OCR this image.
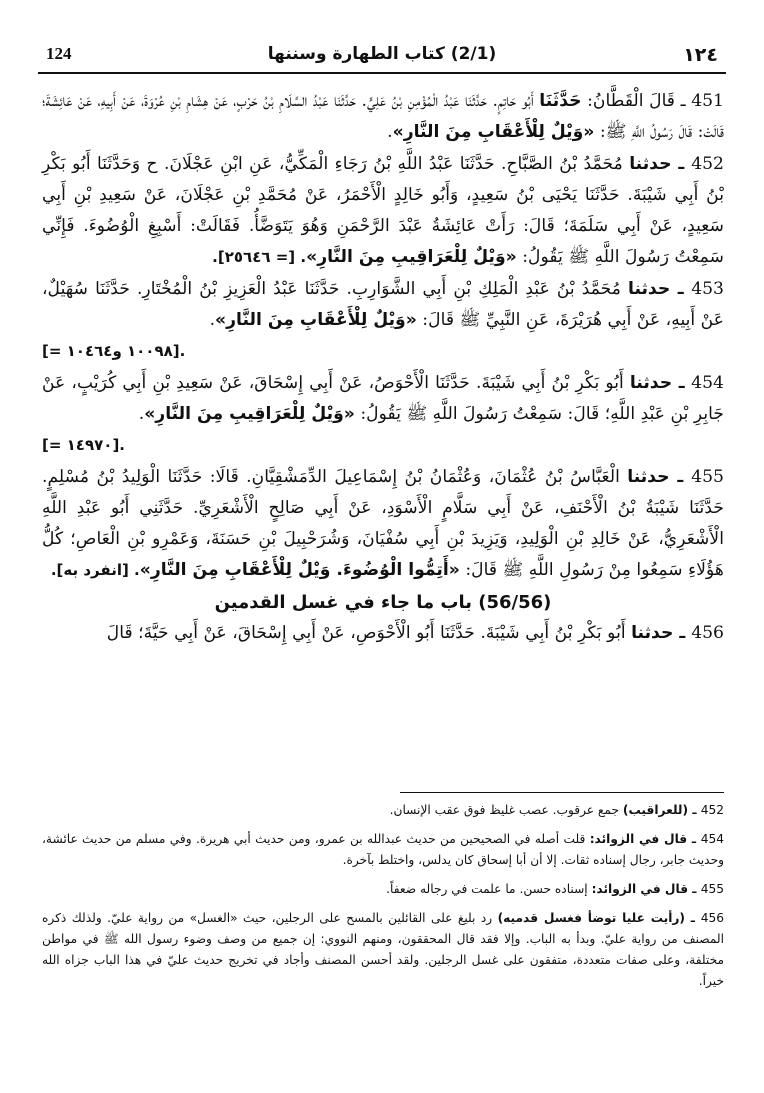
124	(2/1) كتاب الطهارة وسننها	١٢٤

451 ـ قَالَ الْقَطَّانُ: حَدَّثَنَا أَبُو حَاتِمٍ. حَدَّثَنَا عَبْدُ الْمُؤْمِنِ بْنُ عَلِيٍّ. حَدَّثَنَا عَبْدُ السَّلَامِ بْنُ حَرْبٍ، عَنْ هِشَامِ بْنِ عُرْوَةَ، عَنْ أَبِيهِ، عَنْ عَائِشَةَ؛ قَالَتْ: قَالَ رَسُولُ اللَّهِ ﷺ: «وَيْلٌ لِلْأَعْقَابِ مِنَ النَّارِ».

452 ـ حدثنا مُحَمَّدُ بْنُ الصَّبَّاحِ. حَدَّثَنَا عَبْدُ اللَّهِ بْنُ رَجَاءِ الْمَكِّيُّ، عَنِ ابْنِ عَجْلَانَ. ح وَحَدَّثَنَا أَبُو بَكْرِ بْنُ أَبِي شَيْبَةَ. حَدَّثَنَا يَحْيَى بْنُ سَعِيدٍ، وَأَبُو خَالِدٍ الْأَحْمَرُ، عَنْ مُحَمَّدِ بْنِ عَجْلَانَ، عَنْ سَعِيدِ بْنِ أَبِي سَعِيدٍ، عَنْ أَبِي سَلَمَةَ؛ قَالَ: رَأَتْ عَائِشَةُ عَبْدَ الرَّحْمَنِ وَهُوَ يَتَوَضَّأُ. فَقَالَتْ: أَسْبِغِ الْوُضُوءَ. فَإِنِّي سَمِعْتُ رَسُولَ اللَّهِ ﷺ يَقُولُ: «وَيْلٌ لِلْعَرَاقِيبِ مِنَ النَّارِ». [= ٢٥٦٤٦].

453 ـ حدثنا مُحَمَّدُ بْنُ عَبْدِ الْمَلِكِ بْنِ أَبِي الشَّوَارِبِ. حَدَّثَنَا عَبْدُ الْعَزِيزِ بْنُ الْمُخْتَارِ. حَدَّثَنَا سُهَيْلٌ، عَنْ أَبِيهِ، عَنْ أَبِي هُرَيْرَةَ، عَنِ النَّبِيِّ ﷺ قَالَ: «وَيْلٌ لِلْأَعْقَابِ مِنَ النَّارِ».

[= ١٠٠٩٨ و١٠٤٦٤].

454 ـ حدثنا أَبُو بَكْرِ بْنُ أَبِي شَيْبَةَ. حَدَّثَنَا الْأَحْوَصُ، عَنْ أَبِي إِسْحَاقَ، عَنْ سَعِيدِ بْنِ أَبِي كُرَيْبٍ، عَنْ جَابِرِ بْنِ عَبْدِ اللَّهِ؛ قَالَ: سَمِعْتُ رَسُولَ اللَّهِ ﷺ يَقُولُ: «وَيْلٌ لِلْعَرَاقِيبِ مِنَ النَّارِ».

[= ١٤٩٧٠].

455 ـ حدثنا الْعَبَّاسُ بْنُ عُثْمَانَ، وَعُثْمَانُ بْنُ إِسْمَاعِيلَ الدِّمَشْقِيَّانِ. قَالَا: حَدَّثَنَا الْوَلِيدُ بْنُ مُسْلِمٍ. حَدَّثَنَا شَيْبَةُ بْنُ الْأَحْنَفِ، عَنْ أَبِي سَلَّامٍ الْأَسْوَدِ، عَنْ أَبِي صَالِحٍ الْأَشْعَرِيِّ. حَدَّثَنِي أَبُو عَبْدِ اللَّهِ الْأَشْعَرِيُّ، عَنْ خَالِدِ بْنِ الْوَلِيدِ، وَيَزِيدَ بْنِ أَبِي سُفْيَانَ، وَشُرَحْبِيلَ بْنِ حَسَنَةَ، وَعَمْرِو بْنِ الْعَاصِ؛ كُلُّ هَؤُلَاءِ سَمِعُوا مِنْ رَسُولِ اللَّهِ ﷺ قَالَ: «أَتِمُّوا الْوُضُوءَ. وَيْلٌ لِلْأَعْقَابِ مِنَ النَّارِ». [انفرد به].

(56/56) باب ما جاء في غسل القدمين

456 ـ حدثنا أَبُو بَكْرِ بْنُ أَبِي شَيْبَةَ. حَدَّثَنَا أَبُو الْأَحْوَصِ، عَنْ أَبِي إِسْحَاقَ، عَنْ أَبِي حَيَّةَ؛ قَالَ

452 ـ (للعراقيب) جمع عرقوب. عصب غليظ فوق عقب الإنسان.

454 ـ قال في الزوائد: قلت أصله في الصحيحين من حديث عبدالله بن عمرو، ومن حديث أبي هريرة. وفي مسلم من حديث عائشة، وحديث جابر، رجال إسناده ثقات. إلا أن أبا إسحاق كان يدلس، واختلط بآخرة.

455 ـ قال في الزوائد: إسناده حسن. ما علمت في رجاله ضعفاً.

456 ـ (رأيت عليا توضأ فغسل قدميه) رد بليغ على القائلين بالمسح على الرجلين، حيث «الغسل» من رواية عليّ. ولذلك ذكره المصنف من رواية عليّ. وبدأ به الباب. وإلا فقد قال المحققون، ومنهم النووي: إن جميع من وصف وضوء رسول الله ﷺ في مواطن مختلفة، وعلى صفات متعددة، متفقون على غسل الرجلين. ولقد أحسن المصنف وأجاد في تخريج حديث عليّ في هذا الباب جزاه الله خيراً.
